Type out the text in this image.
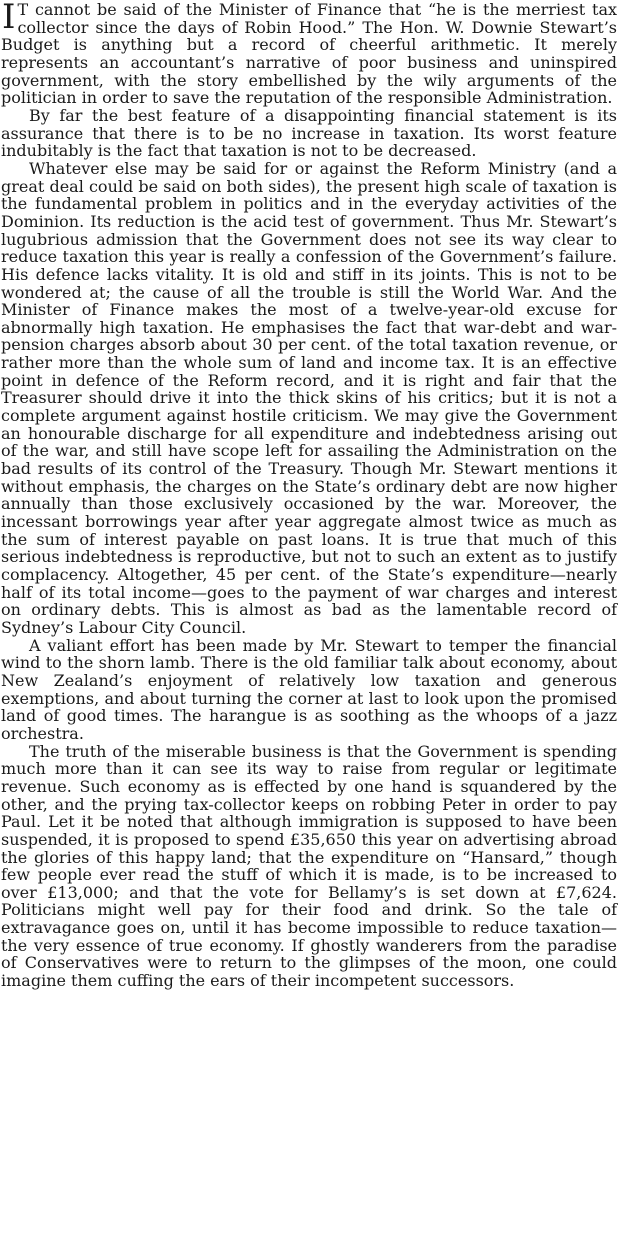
I T cannot be said of the Minister of Finance that “he is the merriest tax collector since the days of Robin Hood.” The Hon. W. Downie Stewart’s Budget is anything but a record of cheerful arithmetic. It merely represents an accountant’s narrative of poor business and uninspired government, with the story embellished by the wily arguments of the politician in order to save the reputation of the responsible Administration.

By far the best feature of a disappointing financial statement is its assurance that there is to be no increase in taxation. Its worst feature indubitably is the fact that taxation is not to be decreased.

Whatever else may be said for or against the Reform Ministry (and a great deal could be said on both sides), the present high scale of taxation is the fundamental problem in politics and in the everyday activities of the Dominion. Its reduction is the acid test of government. Thus Mr. Stewart’s lugubrious admission that the Government does not see its way clear to reduce taxation this year is really a confession of the Government’s failure. His defence lacks vitality. It is old and stiff in its joints. This is not to be wondered at; the cause of all the trouble is still the World War. And the Minister of Finance makes the most of a twelve-year-old excuse for abnormally high taxation. He emphasises the fact that war-debt and war-pension charges absorb about 30 per cent. of the total taxation revenue, or rather more than the whole sum of land and income tax. It is an effective point in defence of the Reform record, and it is right and fair that the Treasurer should drive it into the thick skins of his critics; but it is not a complete argument against hostile criticism. We may give the Government an honourable discharge for all expenditure and indebtedness arising out of the war, and still have scope left for assailing the Administration on the bad results of its control of the Treasury. Though Mr. Stewart mentions it without emphasis, the charges on the State’s ordinary debt are now higher annually than those exclusively occasioned by the war. Moreover, the incessant borrowings year after year aggregate almost twice as much as the sum of interest payable on past loans. It is true that much of this serious indebtedness is reproductive, but not to such an extent as to justify complacency. Altogether, 45 per cent. of the State’s expenditure—nearly half of its total income—goes to the payment of war charges and interest on ordinary debts. This is almost as bad as the lamentable record of Sydney’s Labour City Council.

A valiant effort has been made by Mr. Stewart to temper the financial wind to the shorn lamb. There is the old familiar talk about economy, about New Zealand’s enjoyment of relatively low taxation and generous exemptions, and about turning the corner at last to look upon the promised land of good times. The harangue is as soothing as the whoops of a jazz orchestra.

The truth of the miserable business is that the Government is spending much more than it can see its way to raise from regular or legitimate revenue. Such economy as is effected by one hand is squandered by the other, and the prying tax-collector keeps on robbing Peter in order to pay Paul. Let it be noted that although immigration is supposed to have been suspended, it is proposed to spend £35,650 this year on advertising abroad the glories of this happy land; that the expenditure on “Hansard,” though few people ever read the stuff of which it is made, is to be increased to over £13,000; and that the vote for Bellamy’s is set down at £7,624. Politicians might well pay for their food and drink. So the tale of extravagance goes on, until it has become impossible to reduce taxation—the very essence of true economy. If ghostly wanderers from the paradise of Conservatives were to return to the glimpses of the moon, one could imagine them cuffing the ears of their incompetent successors.
